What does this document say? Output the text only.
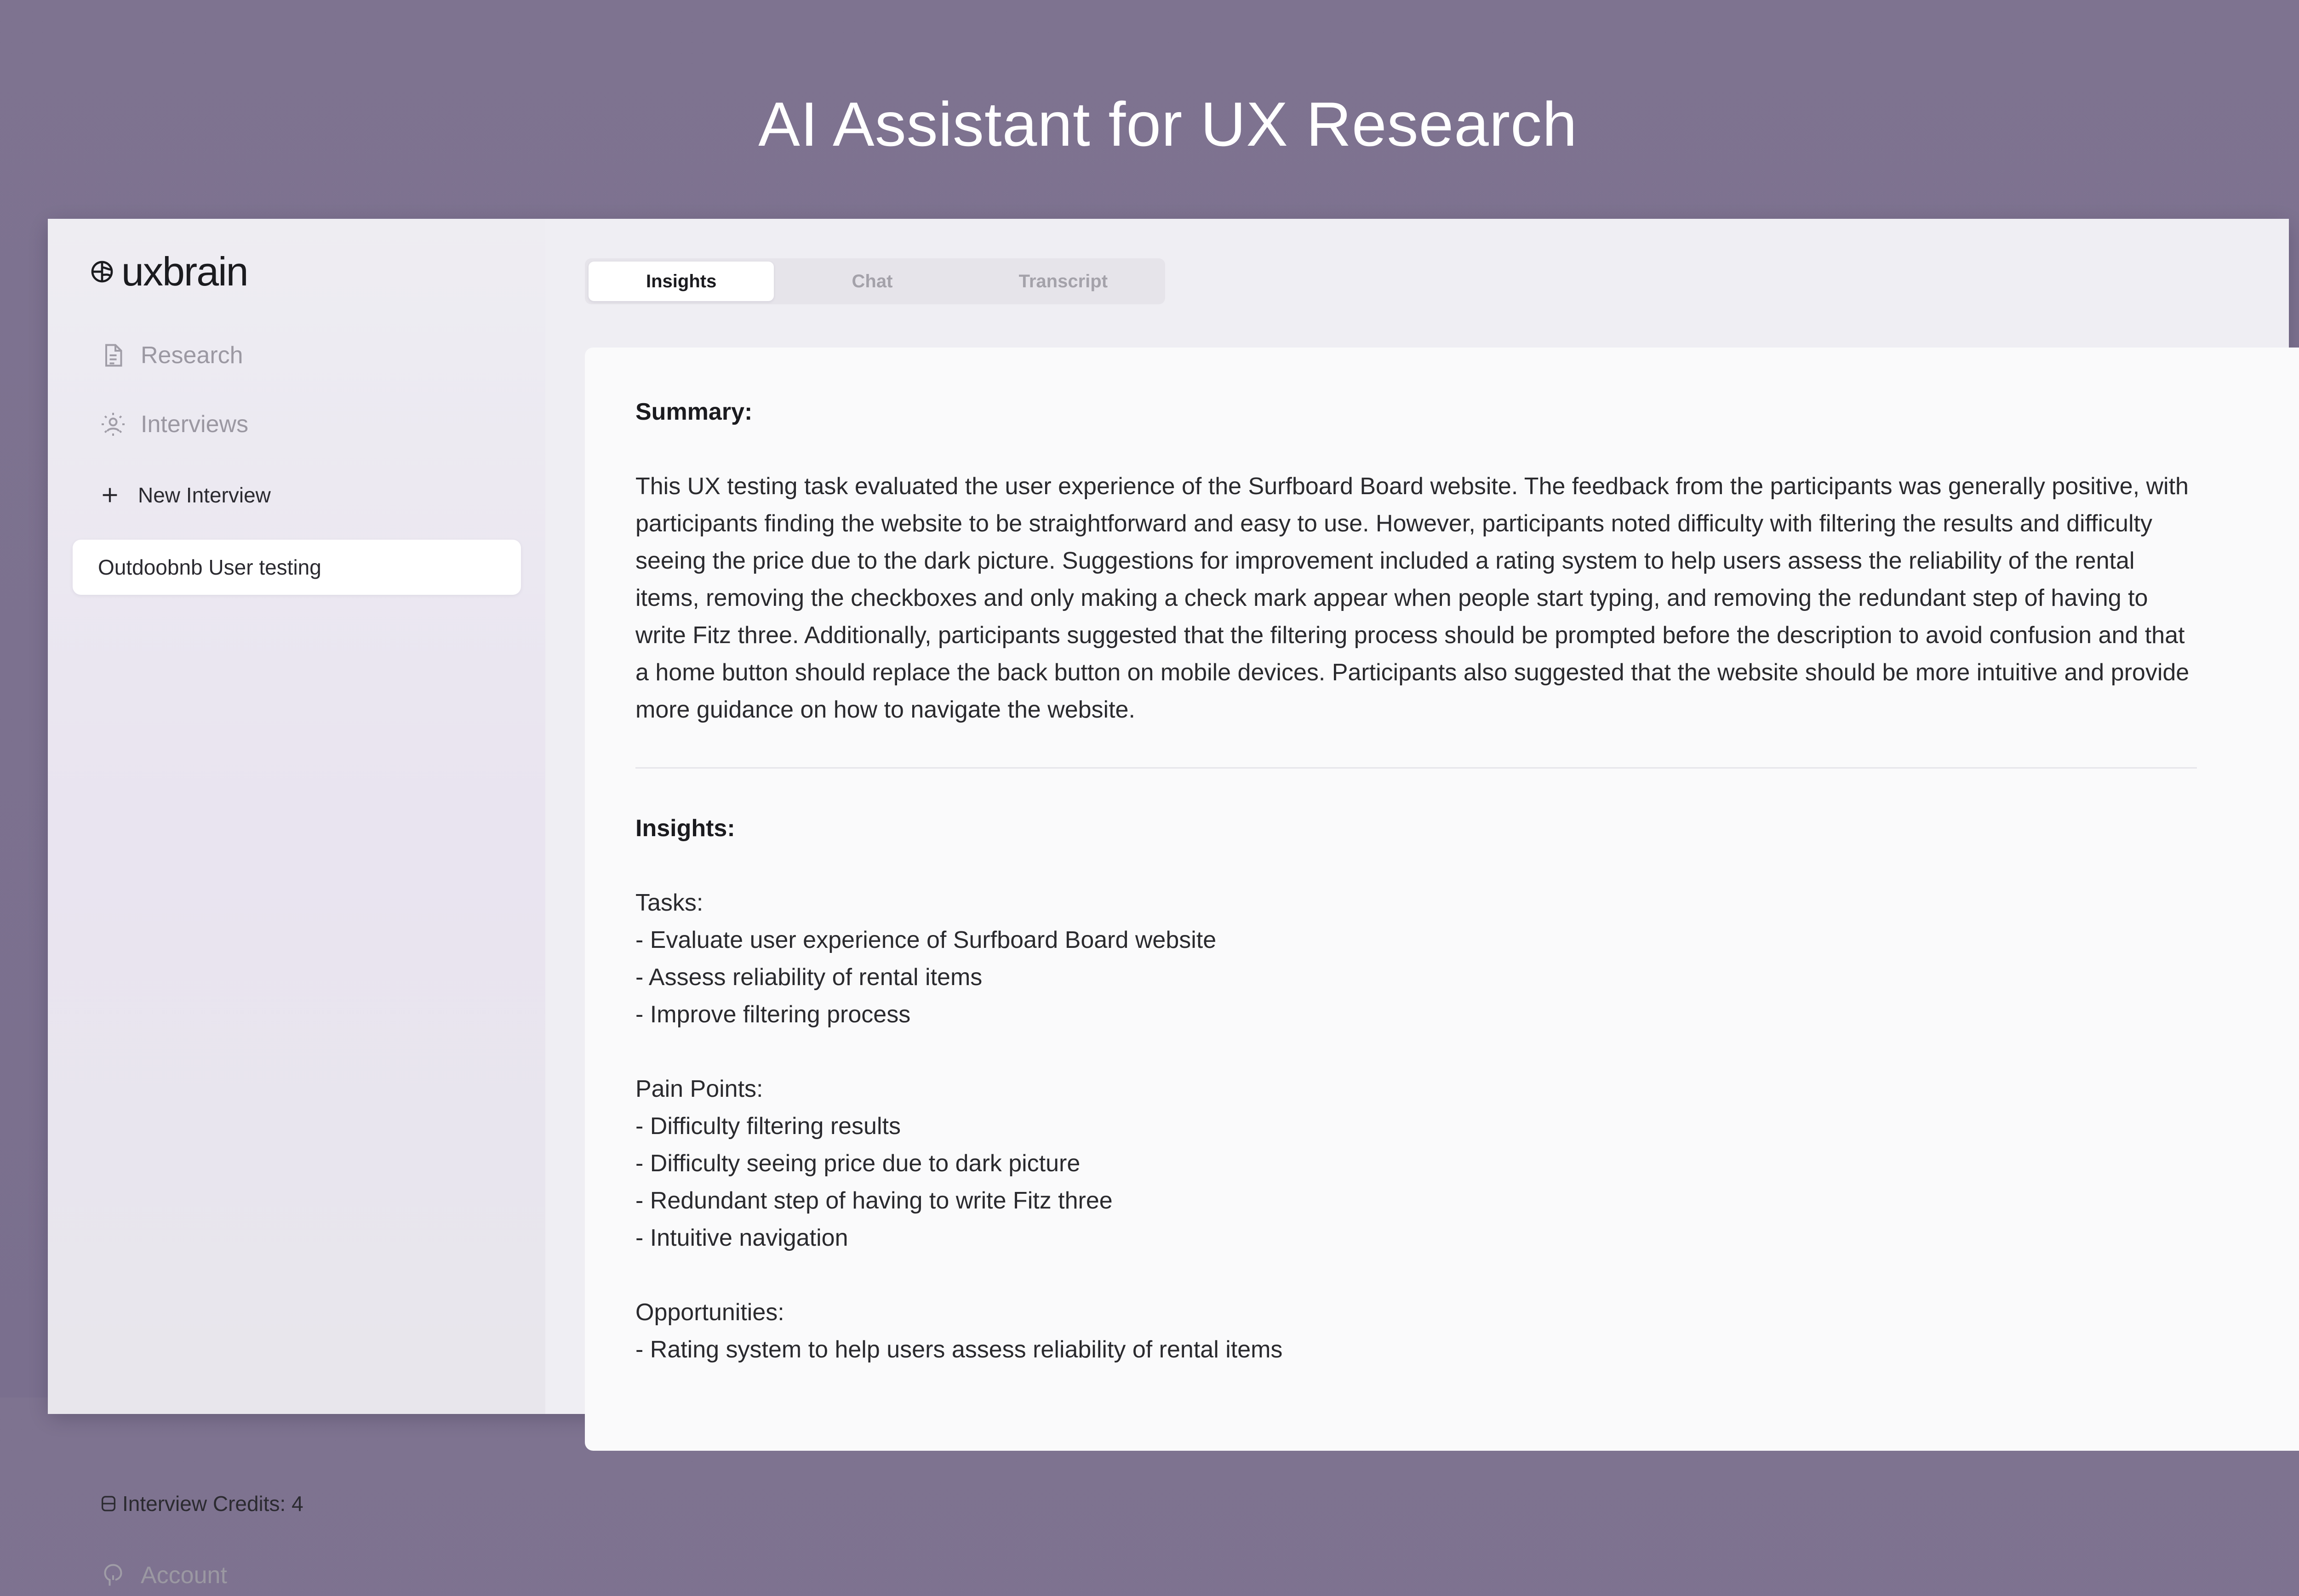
AI Assistant for UX Research
uxbrain
Research
Interviews
New Interview
Outdoobnb User testing
Interview Credits: 4
Account
Insights	Chat	Transcript
Summary:

This UX testing task evaluated the user experience of the Surfboard Board website. The feedback from the participants was generally positive, with participants finding the website to be straightforward and easy to use. However, participants noted difficulty with filtering the results and difficulty seeing the price due to the dark picture. Suggestions for improvement included a rating system to help users assess the reliability of the rental items, removing the checkboxes and only making a check mark appear when people start typing, and removing the redundant step of having to write Fitz three. Additionally, participants suggested that the filtering process should be prompted before the description to avoid confusion and that a home button should replace the back button on mobile devices. Participants also suggested that the website should be more intuitive and provide more guidance on how to navigate the website.

Insights:
Tasks:
- Evaluate user experience of Surfboard Board website
- Assess reliability of rental items
- Improve filtering process
Pain Points:
- Difficulty filtering results
- Difficulty seeing price due to dark picture
- Redundant step of having to write Fitz three
- Intuitive navigation
Opportunities:
- Rating system to help users assess reliability of rental items
